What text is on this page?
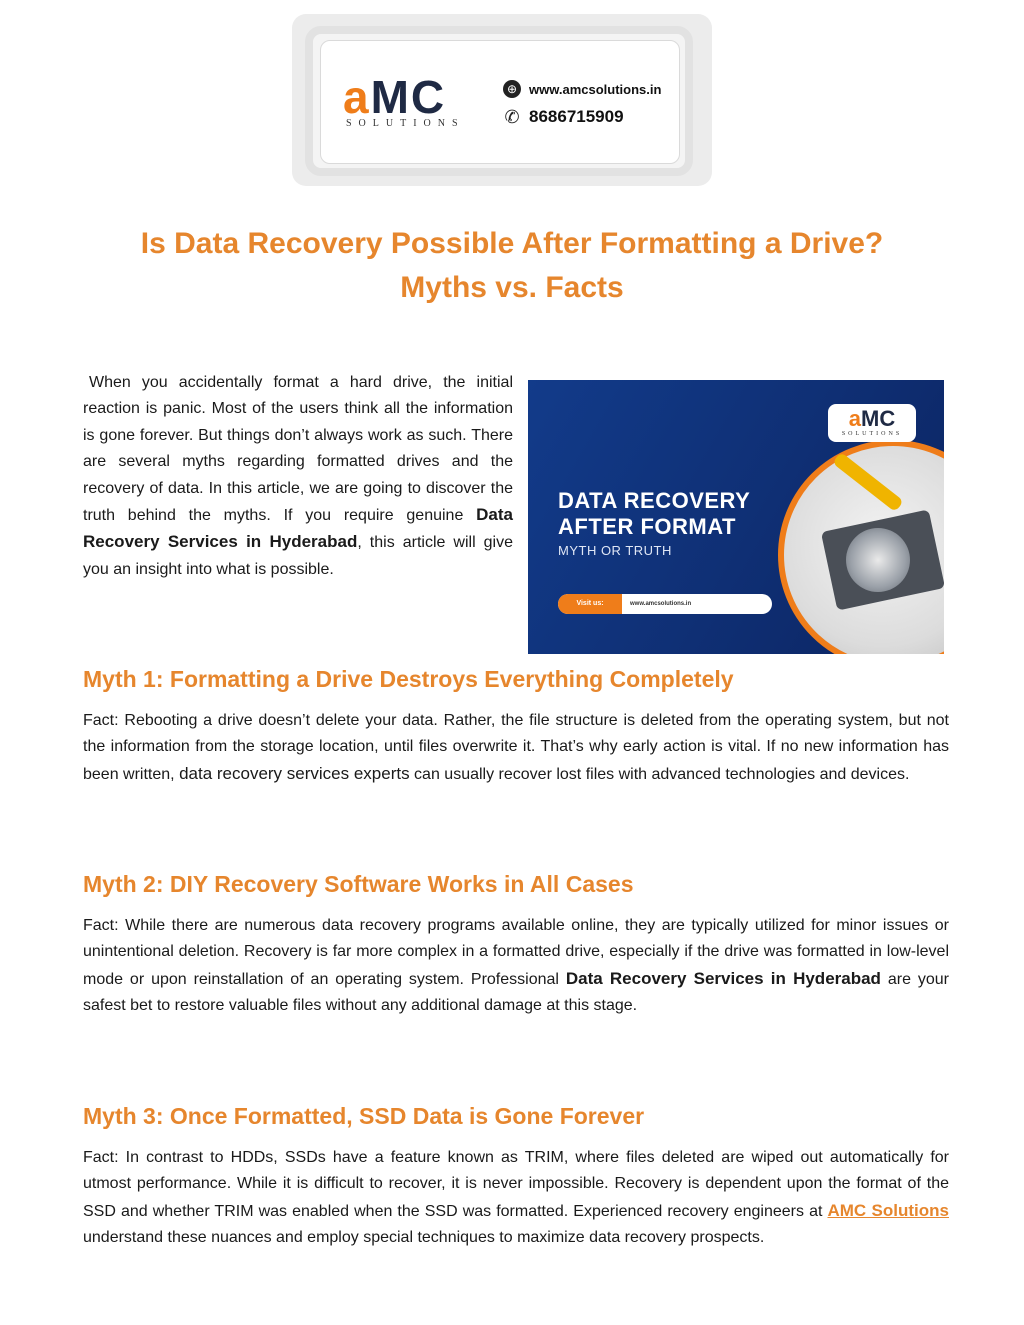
aMC
SOLUTIONS
⊕ www.amcsolutions.in
✆ 8686715909
Is Data Recovery Possible After Formatting a Drive?
Myths vs. Facts

When you accidentally format a hard drive, the initial reaction is panic. Most of the users think all the information is gone forever. But things don’t always work as such. There are several myths regarding formatted drives and the recovery of data. In this article, we are going to discover the truth behind the myths. If you require genuine Data Recovery Services in Hyderabad, this article will give you an insight into what is possible.

aMC
SOLUTIONS
DATA RECOVERY
AFTER FORMAT
MYTH OR TRUTH
Visit us:	www.amcsolutions.in
Myth 1: Formatting a Drive Destroys Everything Completely

Fact: Rebooting a drive doesn’t delete your data. Rather, the file structure is deleted from the operating system, but not the information from the storage location, until files overwrite it. That’s why early action is vital. If no new information has been written, data recovery services experts can usually recover lost files with advanced technologies and devices.

Myth 2: DIY Recovery Software Works in All Cases

Fact: While there are numerous data recovery programs available online, they are typically utilized for minor issues or unintentional deletion. Recovery is far more complex in a formatted drive, especially if the drive was formatted in low-level mode or upon reinstallation of an operating system. Professional Data Recovery Services in Hyderabad are your safest bet to restore valuable files without any additional damage at this stage.

Myth 3: Once Formatted, SSD Data is Gone Forever

Fact: In contrast to HDDs, SSDs have a feature known as TRIM, where files deleted are wiped out automatically for utmost performance. While it is difficult to recover, it is never impossible. Recovery is dependent upon the format of the SSD and whether TRIM was enabled when the SSD was formatted. Experienced recovery engineers at AMC Solutions understand these nuances and employ special techniques to maximize data recovery prospects.
